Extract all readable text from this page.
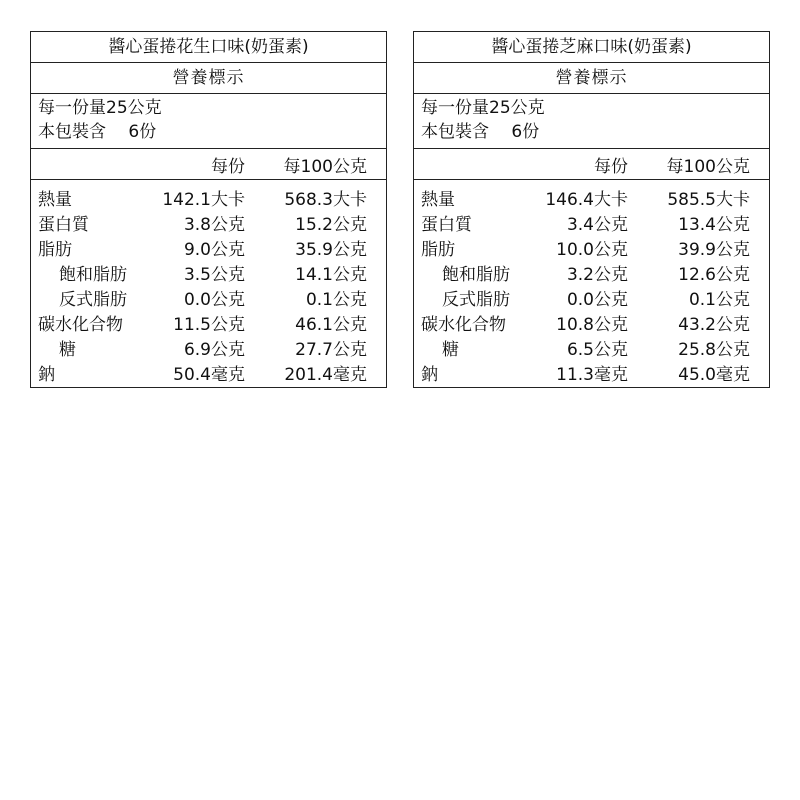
醬心蛋捲花生口味(奶蛋素)
營養標示
每一份量25公克
本包裝含　 6份
每份 每100公克
熱量	142.1大卡 568.3大卡
蛋白質	3.8公克	15.2公克
脂肪	9.0公克	35.9公克
飽和脂肪	3.5公克	14.1公克
反式脂肪	0.0公克	0.1公克
碳水化合物	11.5公克	46.1公克
糖	6.9公克	27.7公克
鈉	50.4毫克 201.4毫克
醬心蛋捲芝麻口味(奶蛋素)
營養標示
每一份量25公克
本包裝含　 6份
每份 每100公克
熱量	146.4大卡 585.5大卡
蛋白質	3.4公克	13.4公克
脂肪	10.0公克	39.9公克
飽和脂肪	3.2公克	12.6公克
反式脂肪	0.0公克	0.1公克
碳水化合物	10.8公克	43.2公克
糖	6.5公克	25.8公克
鈉	11.3毫克	45.0毫克
